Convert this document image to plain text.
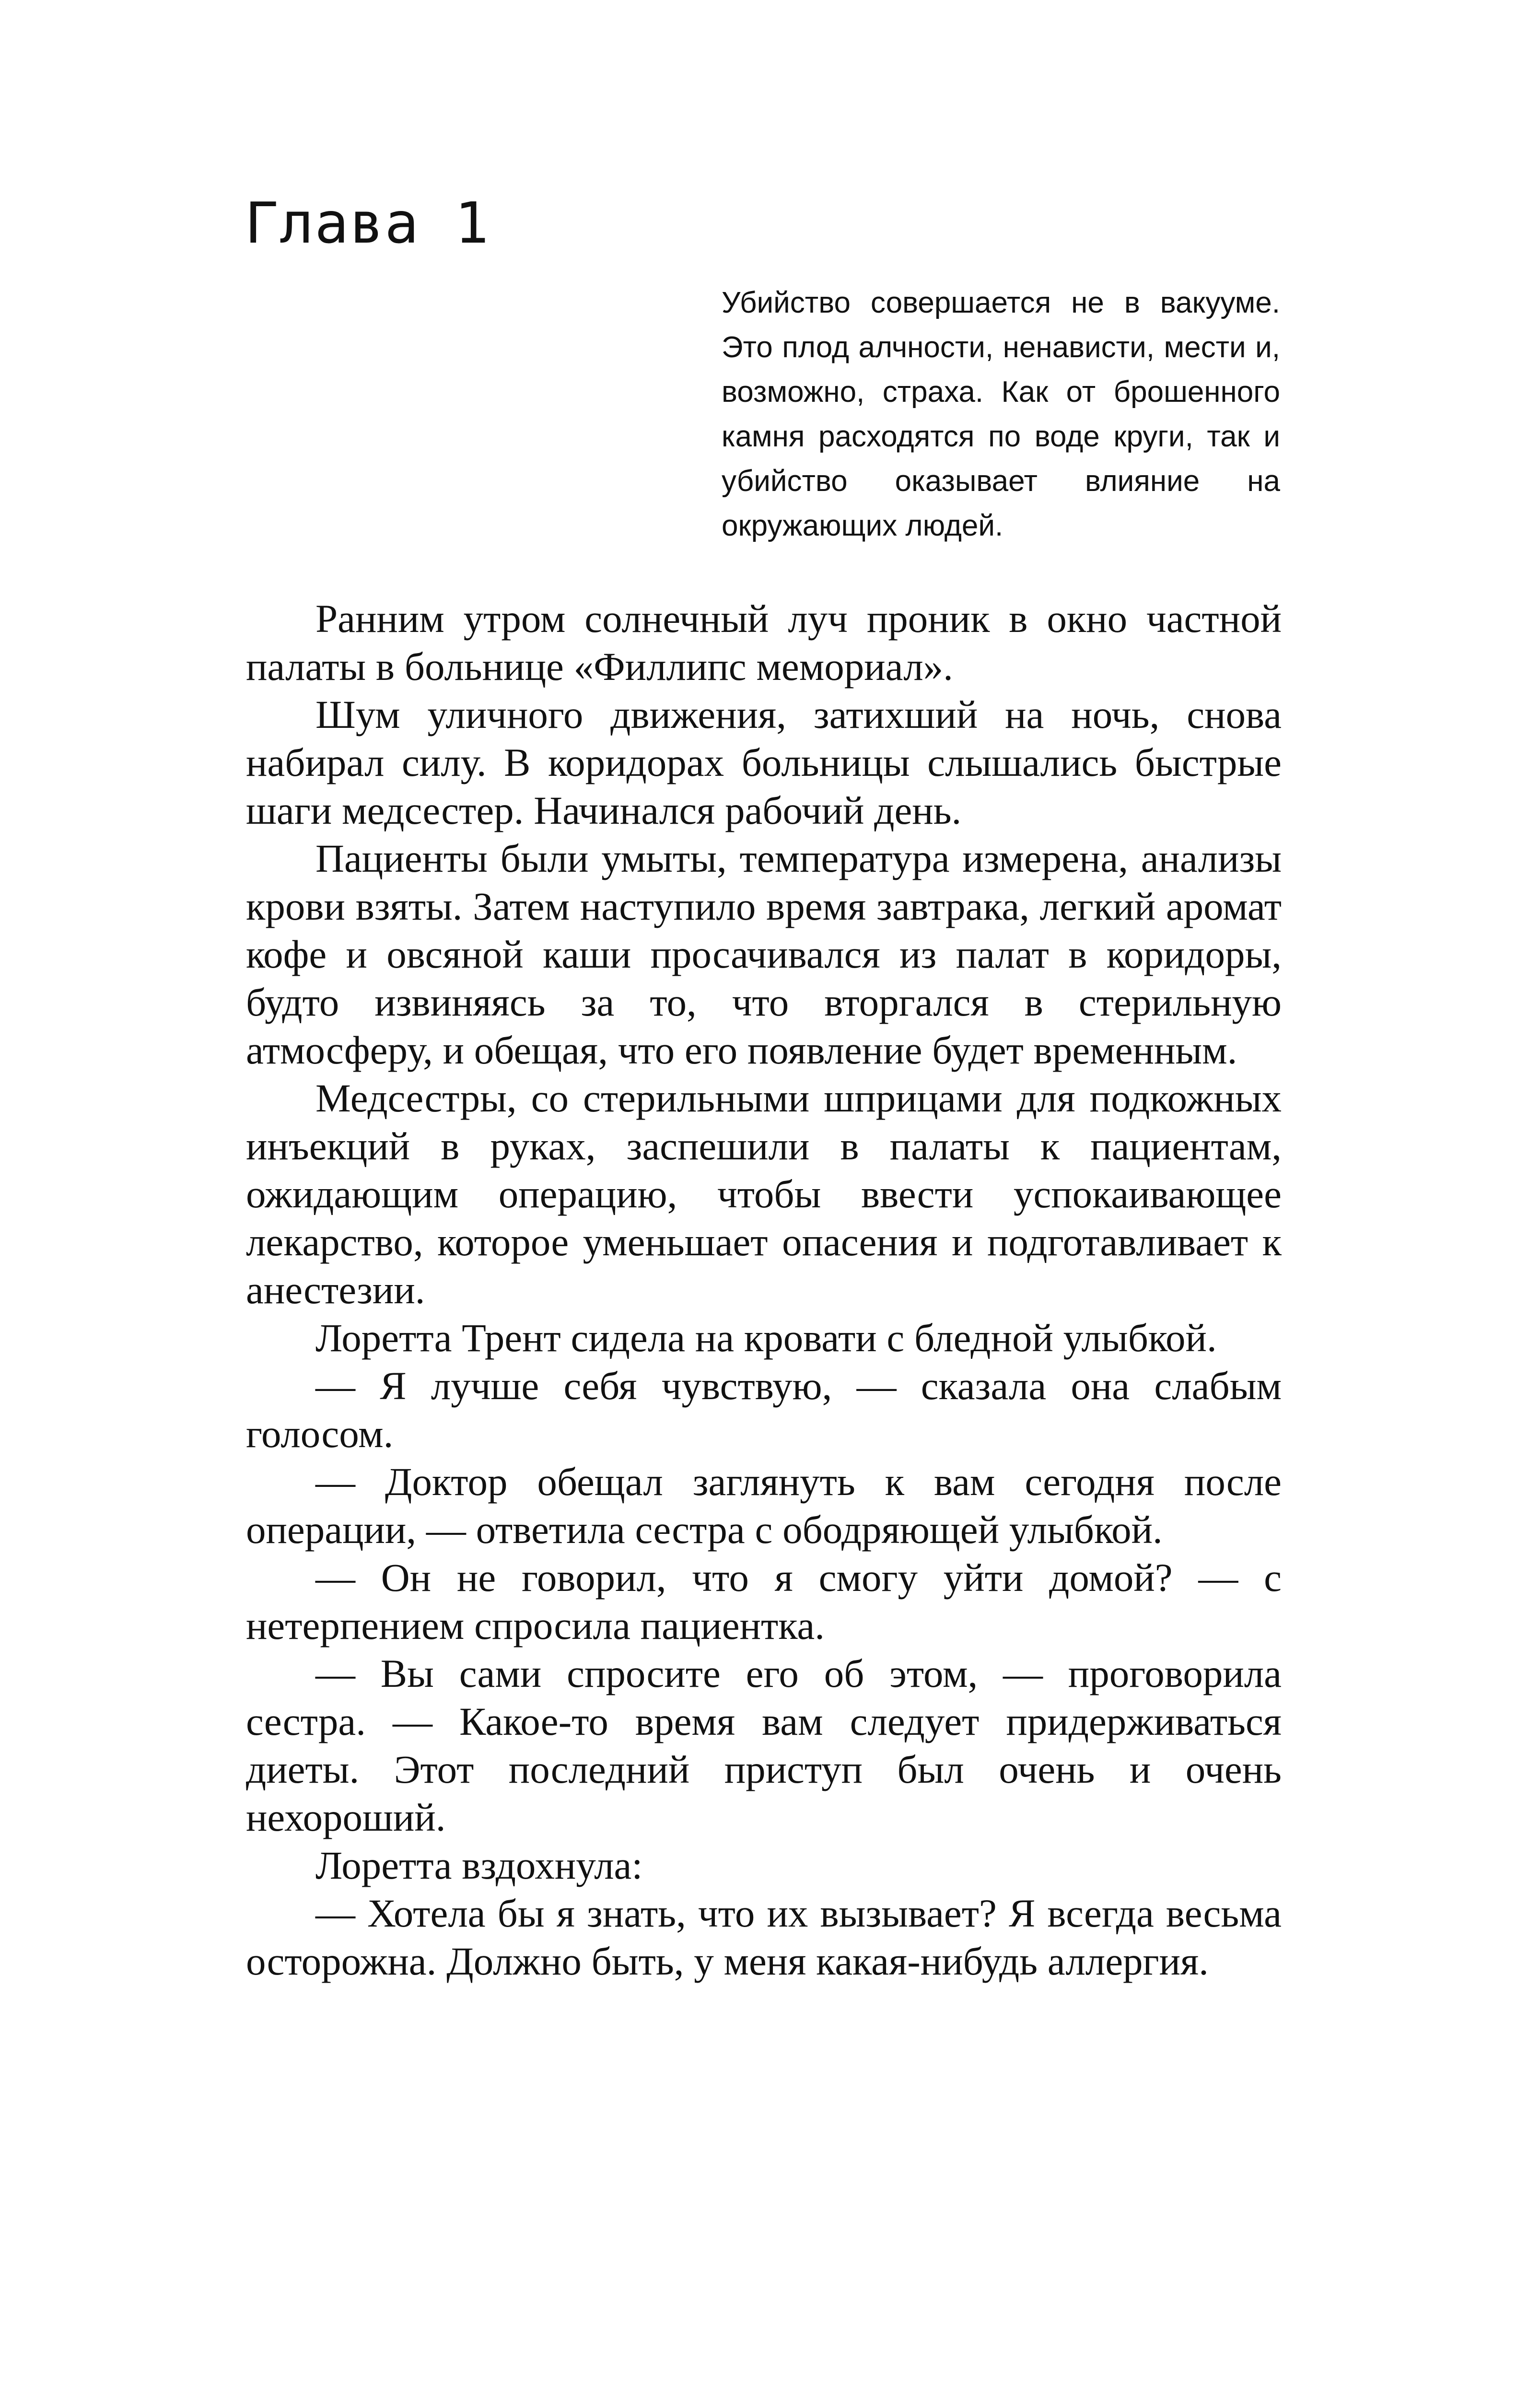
Глава 1

Убийство совершается не в вакууме. Это плод алчности, ненависти, мести и, возможно, страха. Как от брошенного камня расходятся по воде круги, так и убийство оказывает влияние на окружающих людей.

Ранним утром солнечный луч проник в окно частной палаты в больнице «Филлипс мемориал».

Шум уличного движения, затихший на ночь, снова набирал силу. В коридорах больницы слышались быстрые шаги медсестер. Начинался рабочий день.

Пациенты были умыты, температура измерена, анализы крови взяты. Затем наступило время завтрака, легкий аромат кофе и овсяной каши просачивался из палат в коридоры, будто извиняясь за то, что вторгался в стерильную атмосферу, и обещая, что его появление будет временным.

Медсестры, со стерильными шприцами для подкожных инъекций в руках, заспешили в палаты к пациентам, ожидающим операцию, чтобы ввести успокаивающее лекарство, которое уменьшает опасения и подготавливает к анестезии.

Лоретта Трент сидела на кровати с бледной улыбкой.

— Я лучше себя чувствую, — сказала она слабым голосом.

— Доктор обещал заглянуть к вам сегодня после операции, — ответила сестра с ободряющей улыбкой.

— Он не говорил, что я смогу уйти домой? — с нетерпением спросила пациентка.

— Вы сами спросите его об этом, — проговорила сестра. — Какое-то время вам следует придерживаться диеты. Этот последний приступ был очень и очень нехороший.

Лоретта вздохнула:

— Хотела бы я знать, что их вызывает? Я всегда весьма осторожна. Должно быть, у меня какая-нибудь аллергия.
